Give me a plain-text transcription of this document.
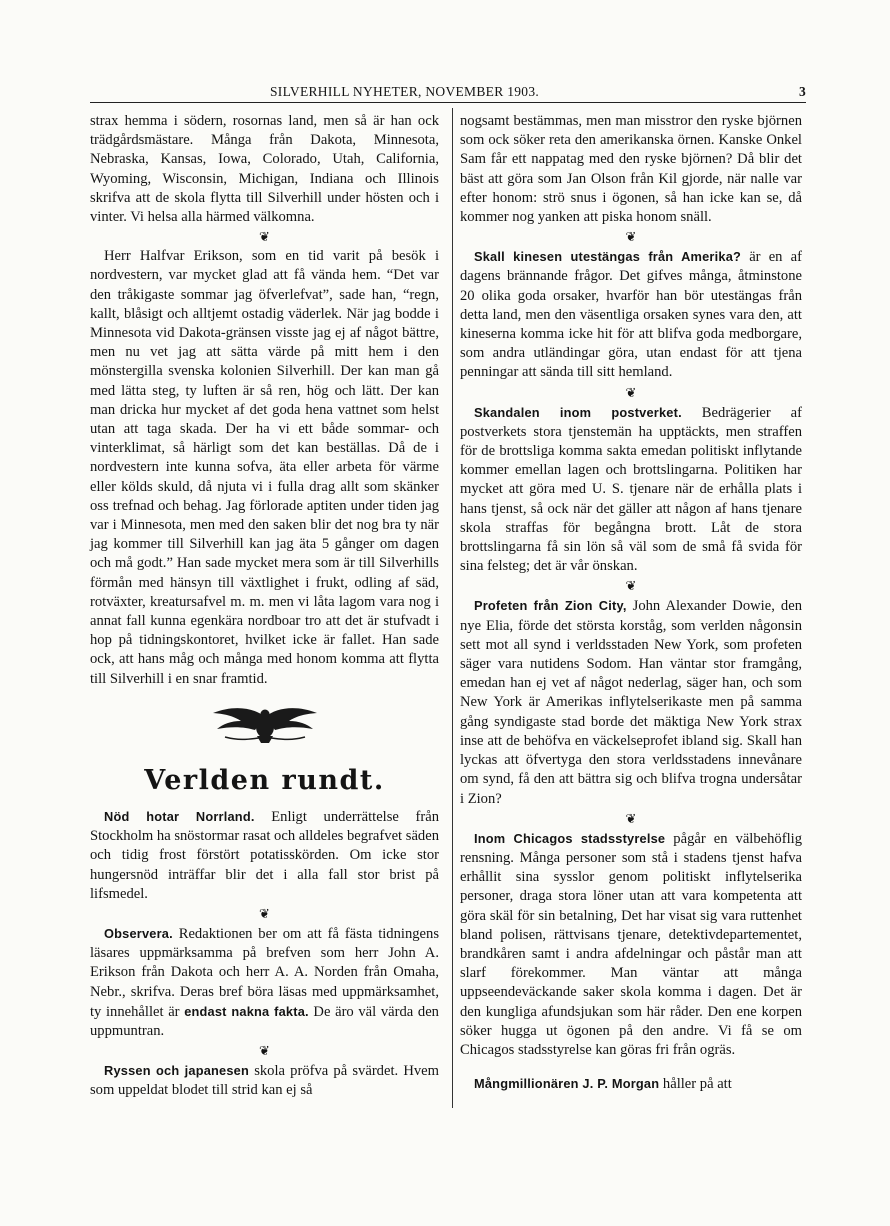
SILVERHILL NYHETER, NOVEMBER 1903.	3

strax hemma i södern, rosornas land, men så är han ock trädgårdsmästare. Många från Dakota, Minnesota, Nebraska, Kansas, Iowa, Colorado, Utah, California, Wyoming, Wisconsin, Michigan, Indiana och Illinois skrifva att de skola flytta till Silverhill under hösten och i vinter. Vi helsa alla härmed välkomna.

❦

Herr Halfvar Erikson, som en tid varit på besök i nordvestern, var mycket glad att få vända hem. “Det var den tråkigaste sommar jag öfverlefvat”, sade han, “regn, kallt, blåsigt och alltjemt ostadig väderlek. När jag bodde i Minnesota vid Dakota-gränsen visste jag ej af något bättre, men nu vet jag att sätta värde på mitt hem i den mönstergilla svenska kolonien Silverhill. Der kan man gå med lätta steg, ty luften är så ren, hög och lätt. Der kan man dricka hur mycket af det goda hena vattnet som helst utan att taga skada. Der ha vi ett både sommar- och vinterklimat, så härligt som det kan beställas. Då de i nordvestern inte kunna sofva, äta eller arbeta för värme eller kölds skuld, då njuta vi i fulla drag allt som skänker oss trefnad och behag. Jag förlorade aptiten under tiden jag var i Minnesota, men med den saken blir det nog bra ty när jag kommer till Silverhill kan jag äta 5 gånger om dagen och må godt.” Han sade mycket mera som är till Silverhills förmån med hänsyn till växtlighet i frukt, odling af säd, rotväxter, kreatursafvel m. m. men vi låta lagom vara nog i annat fall kunna egenkära nordboar tro att det är stufvadt i hop på tidningskontoret, hvilket icke är fallet. Han sade ock, att hans måg och många med honom komma att flytta till Silverhill i en snar framtid.

Verlden rundt.

Nöd hotar Norrland. Enligt underrättelse från Stockholm ha snöstormar rasat och alldeles begrafvet säden och tidig frost förstört potatisskörden. Om icke stor hungersnöd inträffar blir det i alla fall stor brist på lifsmedel.

❦

Observera. Redaktionen ber om att få fästa tidningens läsares uppmärksamma på brefven som herr John A. Erikson från Dakota och herr A. A. Norden från Omaha, Nebr., skrifva. Deras bref böra läsas med uppmärksamhet, ty innehållet är endast nakna fakta. De äro väl värda den uppmuntran.

❦

Ryssen och japanesen skola pröfva på svärdet. Hvem som uppeldat blodet till strid kan ej så

nogsamt bestämmas, men man misstror den ryske björnen som ock söker reta den amerikanska örnen. Kanske Onkel Sam får ett nappatag med den ryske björnen? Då blir det bäst att göra som Jan Olson från Kil gjorde, när nalle var efter honom: strö snus i ögonen, så han icke kan se, då kommer nog yanken att piska honom snäll.

❦

Skall kinesen utestängas från Amerika? är en af dagens brännande frågor. Det gifves många, åtminstone 20 olika goda orsaker, hvarför han bör utestängas från detta land, men den väsentliga orsaken synes vara den, att kineserna komma icke hit för att blifva goda medborgare, som andra utländingar göra, utan endast för att tjena penningar att sända till sitt hemland.

❦

Skandalen inom postverket. Bedrägerier af postverkets stora tjenstemän ha upptäckts, men straffen för de brottsliga komma sakta emedan politiskt inflytande kommer emellan lagen och brottslingarna. Politiken har mycket att göra med U. S. tjenare när de erhålla plats i hans tjenst, så ock när det gäller att någon af hans tjenare skola straffas för begångna brott. Låt de stora brottslingarna få sin lön så väl som de små få svida för sina felsteg; det är vår önskan.

❦

Profeten från Zion City, John Alexander Dowie, den nye Elia, förde det största korståg, som verlden någonsin sett mot all synd i verldsstaden New York, som profeten säger vara nutidens Sodom. Han väntar stor framgång, emedan han ej vet af något nederlag, säger han, och som New York är Amerikas inflytelserikaste men på samma gång syndigaste stad borde det mäktiga New York strax inse att de behöfva en väckelseprofet ibland sig. Skall han lyckas att öfvertyga den stora verldsstadens innevånare om synd, få den att bättra sig och blifva trogna undersåtar i Zion?

❦

Inom Chicagos stadsstyrelse pågår en välbehöflig rensning. Många personer som stå i stadens tjenst hafva erhållit sina sysslor genom politiskt inflytelserika personer, draga stora löner utan att vara kompetenta att göra skäl för sin betalning, Det har visat sig vara ruttenhet bland polisen, rättvisans tjenare, detektivdepartementet, brandkåren samt i andra afdelningar och påstår man att slarf förekommer. Man väntar att många uppseendeväckande saker skola komma i dagen. Det är den kungliga afundsjukan som här råder. Den ene korpen söker hugga ut ögonen på den andre. Vi få se om Chicagos stadsstyrelse kan göras fri från ogräs.

Mångmillionären J. P. Morgan håller på att
